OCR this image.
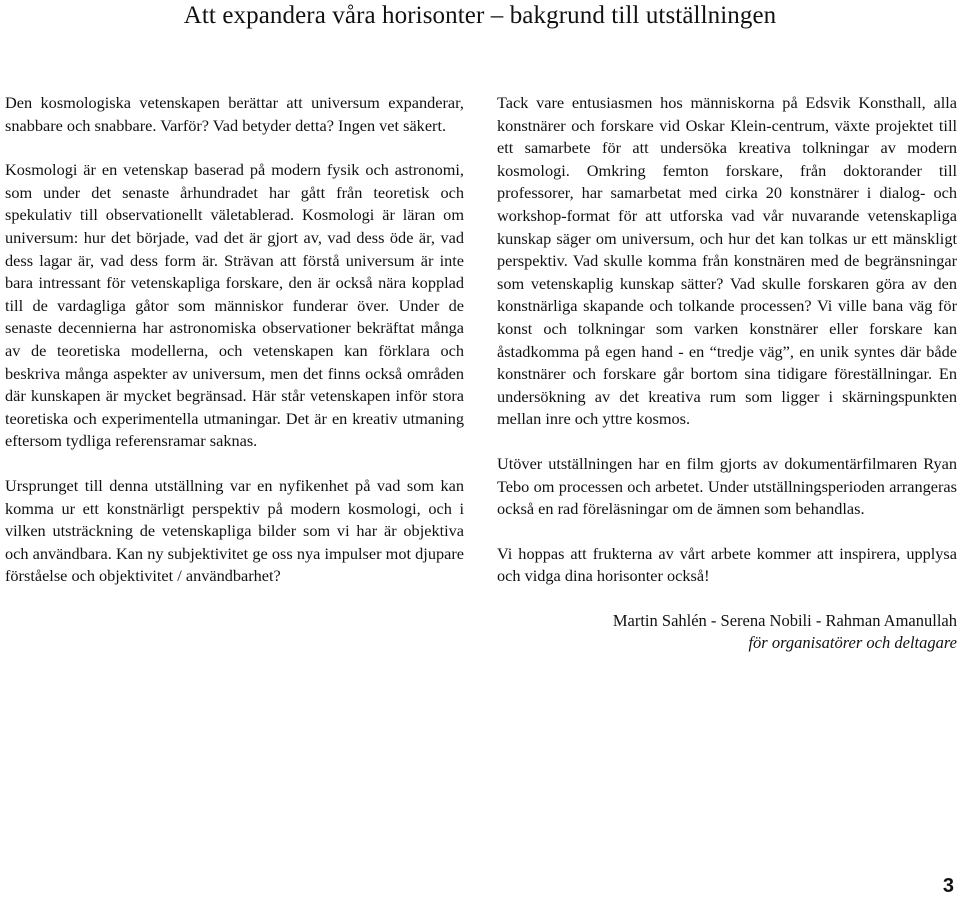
Att expandera våra horisonter – bakgrund till utställningen

Den kosmologiska vetenskapen berättar att universum expanderar, snabbare och snabbare. Varför? Vad betyder detta? Ingen vet säkert.

Kosmologi är en vetenskap baserad på modern fysik och astronomi, som under det senaste århundradet har gått från teoretisk och spekulativ till observationellt väletablerad. Kosmologi är läran om universum: hur det började, vad det är gjort av, vad dess öde är, vad dess lagar är, vad dess form är. Strävan att förstå universum är inte bara intressant för vetenskapliga forskare, den är också nära kopplad till de vardagliga gåtor som människor funderar över. Under de senaste decennierna har astronomiska observationer bekräftat många av de teoretiska modellerna, och vetenskapen kan förklara och beskriva många aspekter av universum, men det finns också områden där kunskapen är mycket begränsad. Här står vetenskapen inför stora teoretiska och experimentella utmaningar. Det är en kreativ utmaning eftersom tydliga referensramar saknas.

Ursprunget till denna utställning var en nyfikenhet på vad som kan komma ur ett konstnärligt perspektiv på modern kosmologi, och i vilken utsträckning de vetenskapliga bilder som vi har är objektiva och användbara. Kan ny subjektivitet ge oss nya impulser mot djupare förståelse och objektivitet / användbarhet?

Tack vare entusiasmen hos människorna på Edsvik Konsthall, alla konstnärer och forskare vid Oskar Klein-centrum, växte projektet till ett samarbete för att undersöka kreativa tolkningar av modern kosmologi. Omkring femton forskare, från doktorander till professorer, har samarbetat med cirka 20 konstnärer i dialog- och workshop-format för att utforska vad vår nuvarande vetenskapliga kunskap säger om universum, och hur det kan tolkas ur ett mänskligt perspektiv. Vad skulle komma från konstnären med de begränsningar som vetenskaplig kunskap sätter? Vad skulle forskaren göra av den konstnärliga skapande och tolkande processen? Vi ville bana väg för konst och tolkningar som varken konstnärer eller forskare kan åstadkomma på egen hand - en “tredje väg”, en unik syntes där både konstnärer och forskare går bortom sina tidigare föreställningar. En undersökning av det kreativa rum som ligger i skärningspunkten mellan inre och yttre kosmos.

Utöver utställningen har en film gjorts av dokumentärfilmaren Ryan Tebo om processen och arbetet. Under utställningsperioden arrangeras också en rad föreläsningar om de ämnen som behandlas.

Vi hoppas att frukterna av vårt arbete kommer att inspirera, upplysa och vidga dina horisonter också!

Martin Sahlén - Serena Nobili - Rahman Amanullah
för organisatörer och deltagare
3
